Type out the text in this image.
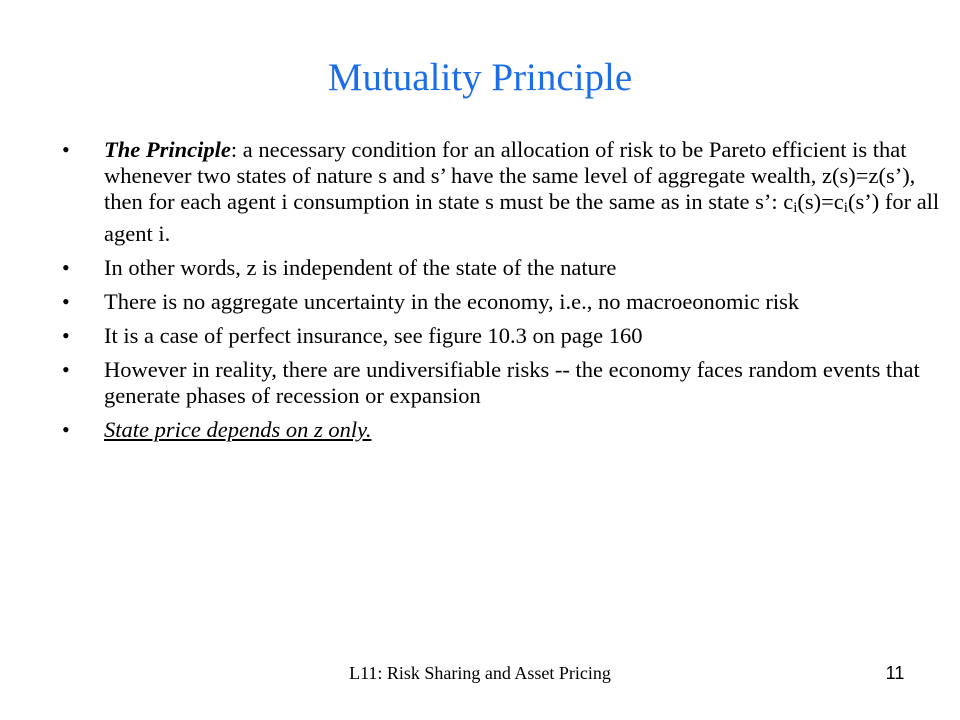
Mutuality Principle
•	The Principle: a necessary condition for an allocation of risk to be Pareto efficient is that whenever two states of nature s and s’ have the same level of aggregate wealth, z(s)=z(s’), then for each agent i consumption in state s must be the same as in state s’: $c_i(s)=c_i(s’)$ for all agent i.
•	In other words, z is independent of the state of the nature
•	There is no aggregate uncertainty in the economy, i.e., no macroeonomic risk
•	It is a case of perfect insurance, see figure 10.3 on page 160
•	However in reality, there are undiversifiable risks -- the economy faces random events that generate phases of recession or expansion
•	State price depends on z only.
L11: Risk Sharing and Asset Pricing	11
